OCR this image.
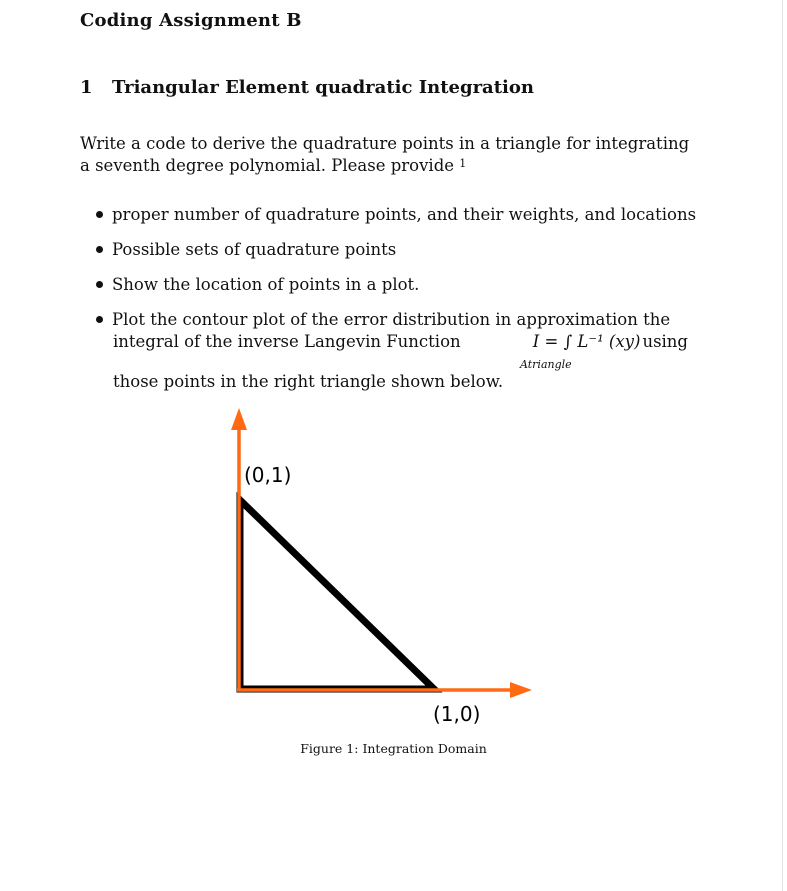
Coding Assignment B
1 Triangular Element quadratic Integration
Write a code to derive the quadrature points in a triangle for integrating
a seventh degree polynomial. Please provide $^1$
proper number of quadrature points, and their weights, and locations
Possible sets of quadrature points
Show the location of points in a plot.
Plot the contour plot of the error distribution in approximation the
integral of the inverse Langevin Function	I = ∫ L⁻¹ (xy) using
Atriangle
those points in the right triangle shown below.
(0,1)
(1,0)
Figure 1: Integration Domain
